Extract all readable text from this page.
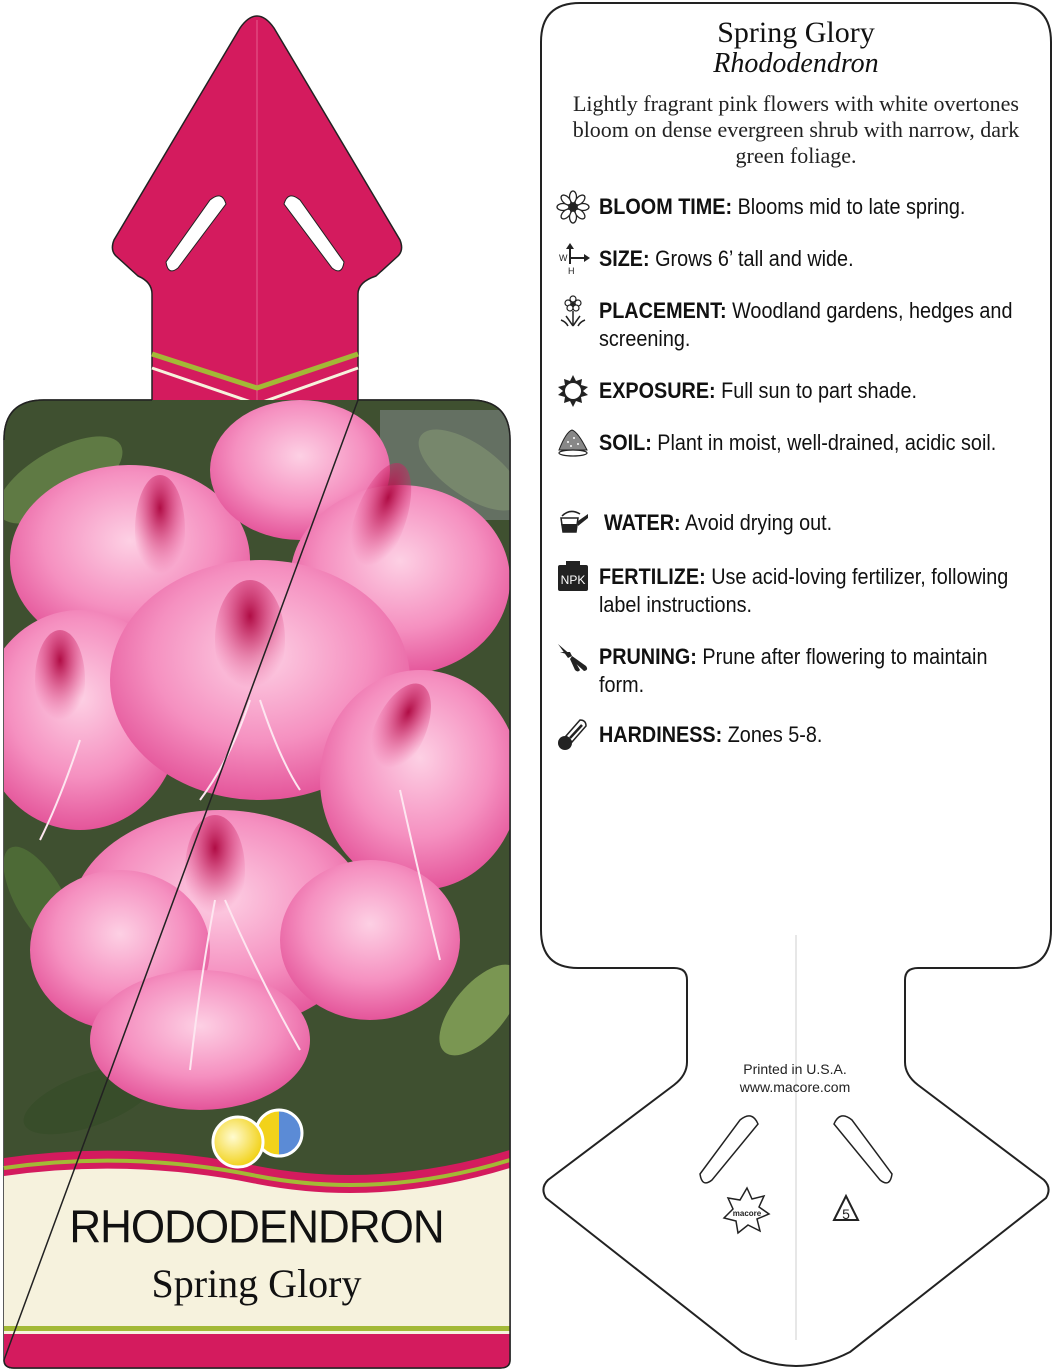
RHODODENDRON
Spring Glory
macore	5
Spring Glory
Rhododendron
Lightly fragrant pink flowers with white overtones bloom on dense evergreen shrub with narrow, dark green foliage.
BLOOM TIME: Blooms mid to late spring.
W
H SIZE: Grows 6’ tall and wide.
PLACEMENT: Woodland gardens, hedges and screening.
EXPOSURE: Full sun to part shade.
SOIL: Plant in moist, well-drained, acidic soil.
WATER: Avoid drying out.
NPK FERTILIZE: Use acid-loving fertilizer, following label instructions.
PRUNING: Prune after flowering to maintain form.
HARDINESS: Zones 5-8.
Printed in U.S.A.
www.macore.com
